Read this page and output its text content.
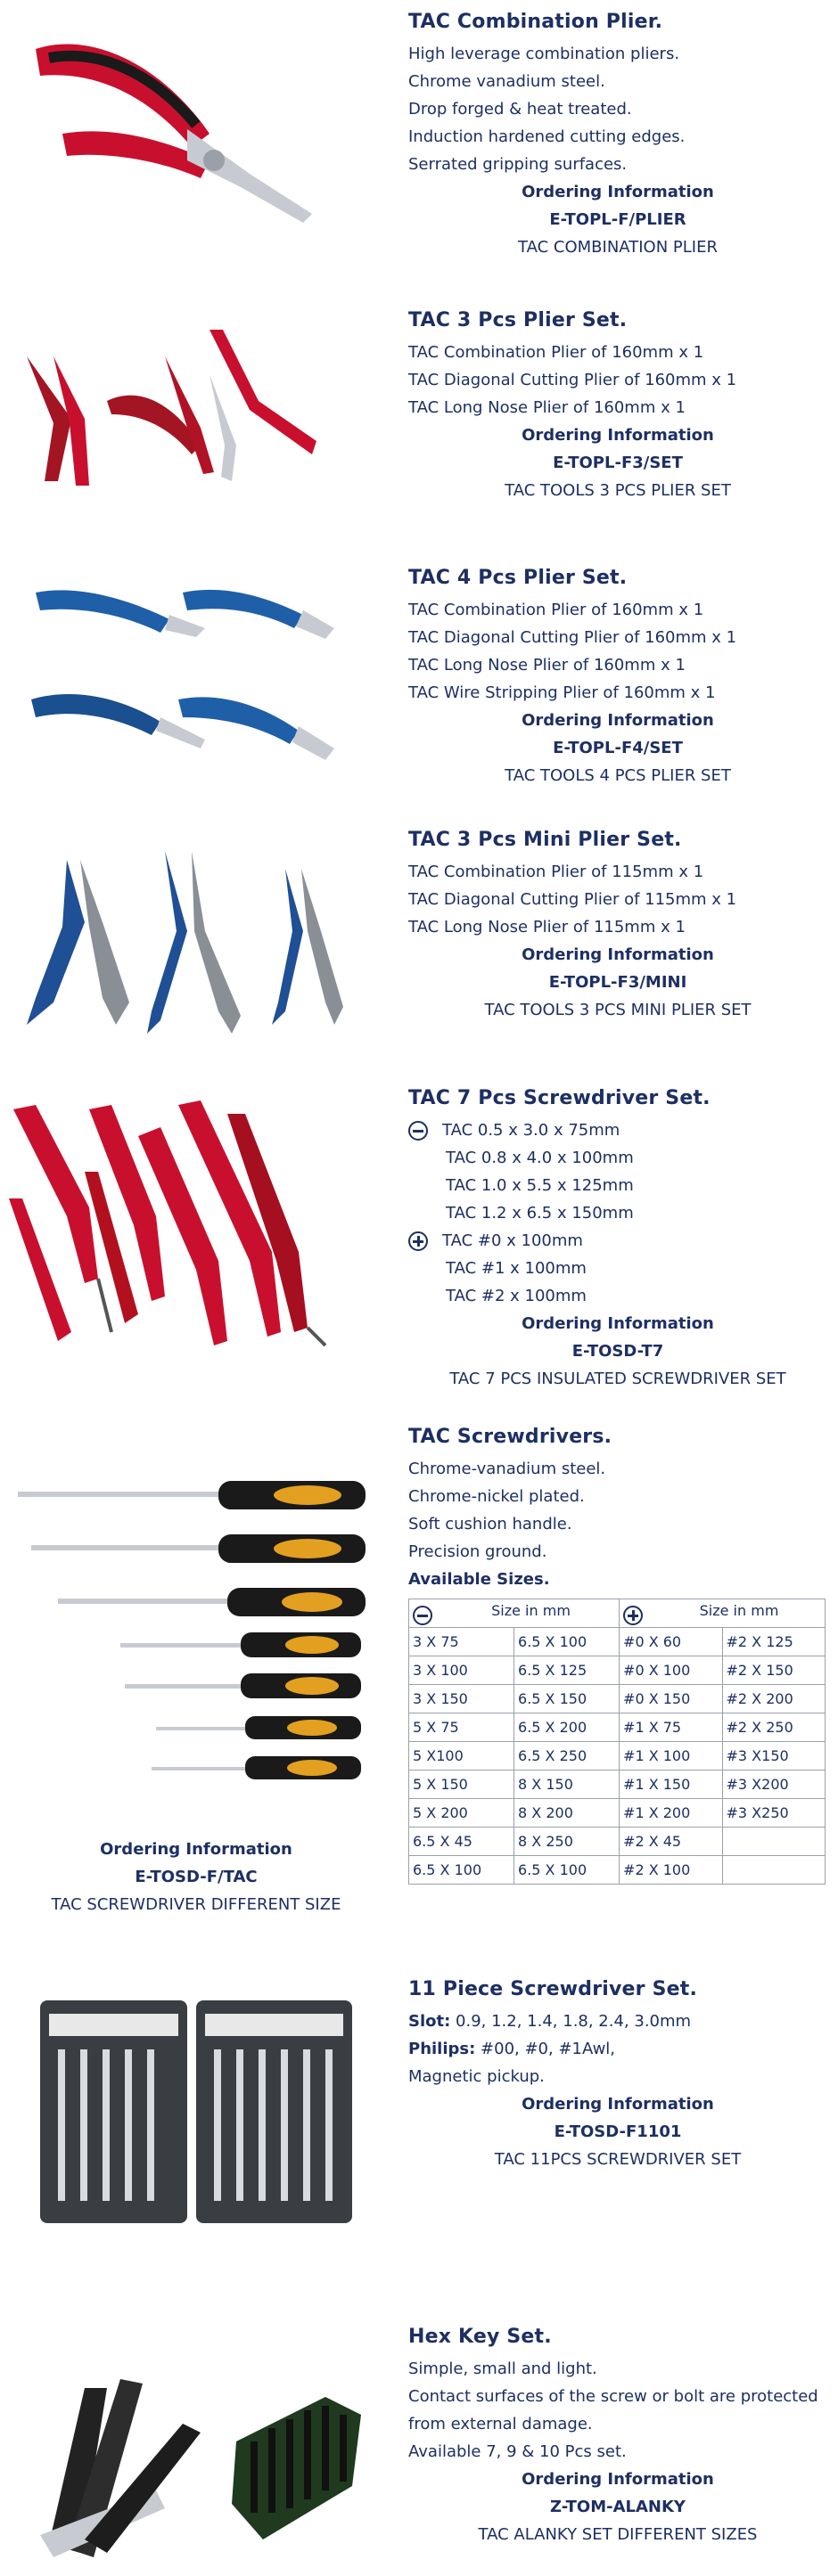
TAC Combination Plier.
High leverage combination pliers.
Chrome vanadium steel.
Drop forged & heat treated.
Induction hardened cutting edges.
Serrated gripping surfaces.
Ordering Information
E-TOPL-F/PLIER
TAC COMBINATION PLIER
TAC 3 Pcs Plier Set.
TAC Combination Plier of 160mm x 1
TAC Diagonal Cutting Plier of 160mm x 1
TAC Long Nose Plier of 160mm x 1
Ordering Information
E-TOPL-F3/SET
TAC TOOLS 3 PCS PLIER SET
TAC 4 Pcs Plier Set.
TAC Combination Plier of 160mm x 1
TAC Diagonal Cutting Plier of 160mm x 1
TAC Long Nose Plier of 160mm x 1
TAC Wire Stripping Plier of 160mm x 1
Ordering Information
E-TOPL-F4/SET
TAC TOOLS 4 PCS PLIER SET
TAC 3 Pcs Mini Plier Set.
TAC Combination Plier of 115mm x 1
TAC Diagonal Cutting Plier of 115mm x 1
TAC Long Nose Plier of 115mm x 1
Ordering Information
E-TOPL-F3/MINI
TAC TOOLS 3 PCS MINI PLIER SET
TAC 7 Pcs Screwdriver Set.
TAC 0.5 x 3.0 x 75mm
TAC 0.8 x 4.0 x 100mm
TAC 1.0 x 5.5 x 125mm
TAC 1.2 x 6.5 x 150mm
TAC #0 x 100mm
TAC #1 x 100mm
TAC #2 x 100mm
Ordering Information
E-TOSD-T7
TAC 7 PCS INSULATED SCREWDRIVER SET
Ordering Information
E-TOSD-F/TAC
TAC SCREWDRIVER DIFFERENT SIZE
TAC Screwdrivers.
Chrome-vanadium steel.
Chrome-nickel plated.
Soft cushion handle.
Precision ground.
Available Sizes.
Size in mm		Size in mm	
3 X 75	6.5 X 100	#0 X 60	#2 X 125
3 X 100	6.5 X 125	#0 X 100	#2 X 150
3 X 150	6.5 X 150	#0 X 150	#2 X 200
5 X 75	6.5 X 200	#1 X 75	#2 X 250
5 X100	6.5 X 250	#1 X 100	#3 X150
5 X 150	8 X 150	#1 X 150	#3 X200
5 X 200	8 X 200	#1 X 200	#3 X250
6.5 X 45	8 X 250	#2 X 45	
6.5 X 100	6.5 X 100	#2 X 100	
11 Piece Screwdriver Set.
Slot: 0.9, 1.2, 1.4, 1.8, 2.4, 3.0mm
Philips: #00, #0, #1Awl,
Magnetic pickup.
Ordering Information
E-TOSD-F1101
TAC 11PCS SCREWDRIVER SET
Hex Key Set.
Simple, small and light.
Contact surfaces of the screw or bolt are protected
from external damage.
Available 7, 9 & 10 Pcs set.
Ordering Information
Z-TOM-ALANKY
TAC ALANKY SET DIFFERENT SIZES
